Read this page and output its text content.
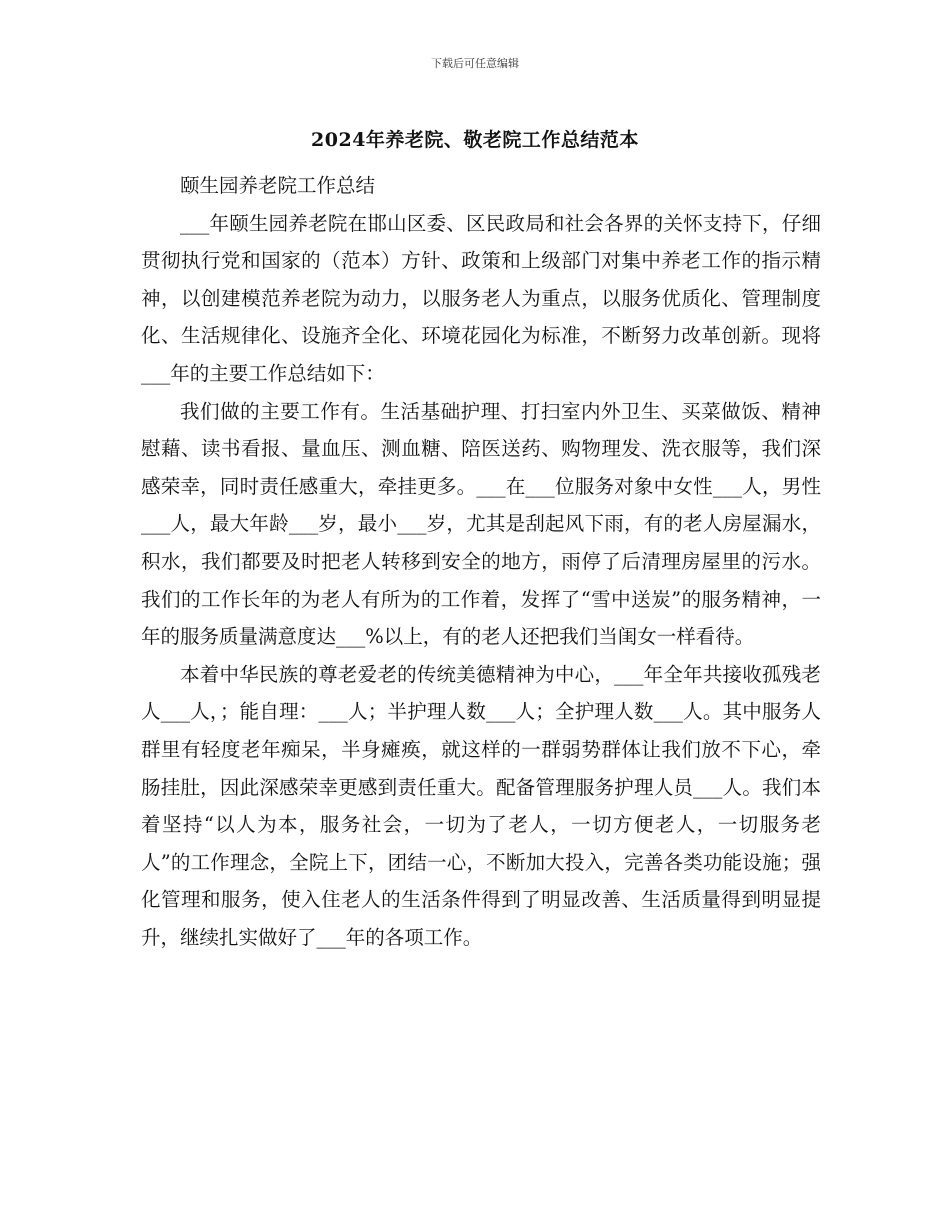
下载后可任意编辑
2024年养老院、敬老院工作总结范本

颐生园养老院工作总结

___年颐生园养老院在邯山区委、区民政局和社会各界的关怀支持下，仔细贯彻执行党和国家的（范本）方针、政策和上级部门对集中养老工作的指示精神，以创建模范养老院为动力，以服务老人为重点，以服务优质化、管理制度化、生活规律化、设施齐全化、环境花园化为标准，不断努力改革创新。现将___年的主要工作总结如下：

我们做的主要工作有。生活基础护理、打扫室内外卫生、买菜做饭、精神慰藉、读书看报、量血压、测血糖、陪医送药、购物理发、洗衣服等，我们深感荣幸，同时责任感重大，牵挂更多。___在___位服务对象中女性___人，男性___人，最大年龄___岁，最小___岁，尤其是刮起风下雨，有的老人房屋漏水，积水，我们都要及时把老人转移到安全的地方，雨停了后清理房屋里的污水。我们的工作长年的为老人有所为的工作着，发挥了“雪中送炭”的服务精神，一年的服务质量满意度达___%以上，有的老人还把我们当闺女一样看待。

本着中华民族的尊老爱老的传统美德精神为中心，___年全年共接收孤残老人___人，；能自理：___人；半护理人数___人；全护理人数___人。其中服务人群里有轻度老年痴呆，半身瘫痪，就这样的一群弱势群体让我们放不下心，牵肠挂肚，因此深感荣幸更感到责任重大。配备管理服务护理人员___人。我们本着坚持“以人为本，服务社会，一切为了老人，一切方便老人，一切服务老人”的工作理念，全院上下，团结一心，不断加大投入，完善各类功能设施；强化管理和服务，使入住老人的生活条件得到了明显改善、生活质量得到明显提升，继续扎实做好了___年的各项工作。
